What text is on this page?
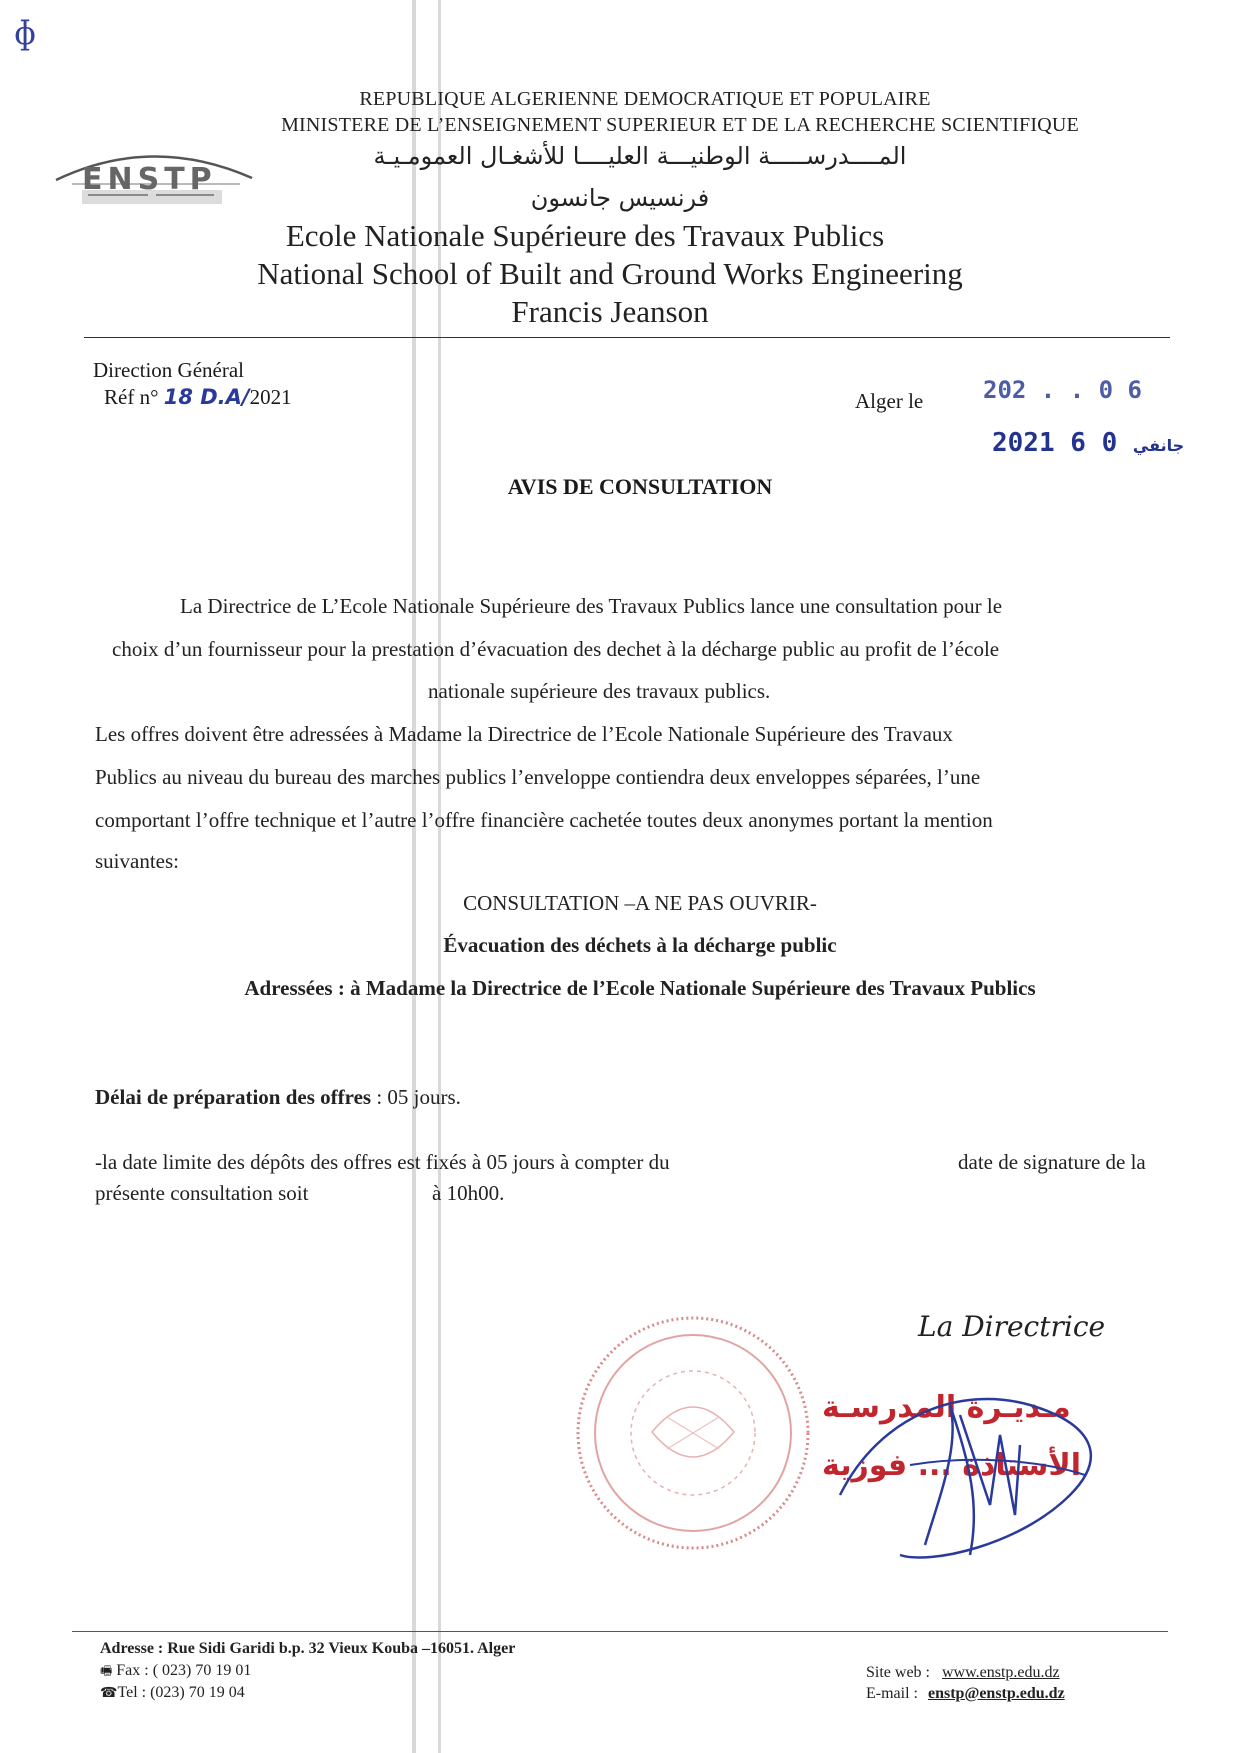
ɸ
REPUBLIQUE ALGERIENNE DEMOCRATIQUE ET POPULAIRE
MINISTERE DE L’ENSEIGNEMENT SUPERIEUR ET DE LA RECHERCHE SCIENTIFIQUE
ENSTP
المــــدرســـــة الوطنيـــة العليــــا للأشغـال العمومـيـة
فرنسيس جانسون
Ecole Nationale Supérieure des Travaux Publics
National School of Built and Ground Works Engineering
Francis Jeanson
Direction Général
Réf n° 18 D.A/2021	Alger le 202 . . 0 6
2021	جانفي 0 6
AVIS DE CONSULTATION
La Directrice de L’Ecole Nationale Supérieure des Travaux Publics lance une consultation pour le
choix d’un fournisseur pour la prestation d’évacuation des dechet à la décharge public au profit de l’école
nationale supérieure des travaux publics.
Les offres doivent être adressées à Madame la Directrice de l’Ecole Nationale Supérieure des Travaux
Publics au niveau du bureau des marches publics l’enveloppe contiendra deux enveloppes séparées, l’une
comportant l’offre technique et l’autre l’offre financière cachetée toutes deux anonymes portant la mention
suivantes:
CONSULTATION –A NE PAS OUVRIR-
Évacuation des déchets à la décharge public
Adressées : à Madame la Directrice de l’Ecole Nationale Supérieure des Travaux Publics
Délai de préparation des offres : 05 jours.
-la date limite des dépôts des offres est fixés à 05 jours à compter du	date de signature de la
présente consultation soit	à 10h00.
La Directrice
مـديـرة المدرسـة
الأستاذة ... فوزية
Adresse : Rue Sidi Garidi b.p. 32 Vieux Kouba –16051. Alger
🖷 Fax : ( 023) 70 19 01
☎Tel : (023) 70 19 04
Site web : www.enstp.edu.dz
E-mail : enstp@enstp.edu.dz
